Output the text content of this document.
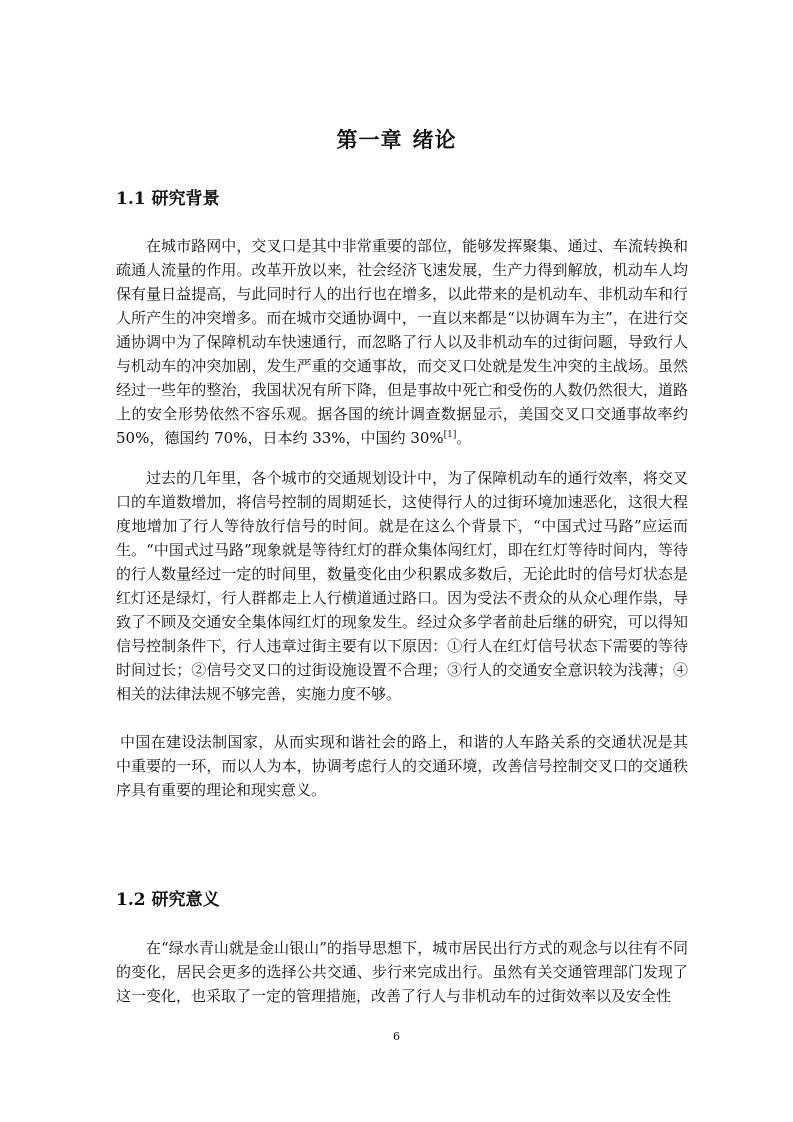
第一章 绪论
1.1 研究背景

在城市路网中，交叉口是其中非常重要的部位，能够发挥聚集、通过、车流转换和疏通人流量的作用。改革开放以来，社会经济飞速发展，生产力得到解放，机动车人均保有量日益提高，与此同时行人的出行也在增多，以此带来的是机动车、非机动车和行人所产生的冲突增多。而在城市交通协调中，一直以来都是“以协调车为主”，在进行交通协调中为了保障机动车快速通行，而忽略了行人以及非机动车的过街问题，导致行人与机动车的冲突加剧，发生严重的交通事故，而交叉口处就是发生冲突的主战场。虽然经过一些年的整治，我国状况有所下降，但是事故中死亡和受伤的人数仍然很大，道路上的安全形势依然不容乐观。据各国的统计调查数据显示，美国交叉口交通事故率约 50%，德国约 70%，日本约 33%，中国约 30%[1]。

过去的几年里，各个城市的交通规划设计中，为了保障机动车的通行效率，将交叉口的车道数增加，将信号控制的周期延长，这使得行人的过街环境加速恶化，这很大程度地增加了行人等待放行信号的时间。就是在这么个背景下，“中国式过马路”应运而生。“中国式过马路”现象就是等待红灯的群众集体闯红灯，即在红灯等待时间内，等待的行人数量经过一定的时间里，数量变化由少积累成多数后，无论此时的信号灯状态是红灯还是绿灯，行人群都走上人行横道通过路口。因为受法不责众的从众心理作祟，导致了不顾及交通安全集体闯红灯的现象发生。经过众多学者前赴后继的研究，可以得知信号控制条件下，行人违章过街主要有以下原因：①行人在红灯信号状态下需要的等待时间过长；②信号交叉口的过街设施设置不合理；③行人的交通安全意识较为浅薄；④相关的法律法规不够完善，实施力度不够。

中国在建设法制国家，从而实现和谐社会的路上，和谐的人车路关系的交通状况是其中重要的一环，而以人为本，协调考虑行人的交通环境，改善信号控制交叉口的交通秩序具有重要的理论和现实意义。

1.2 研究意义

在“绿水青山就是金山银山”的指导思想下，城市居民出行方式的观念与以往有不同的变化，居民会更多的选择公共交通、步行来完成出行。虽然有关交通管理部门发现了这一变化，也采取了一定的管理措施，改善了行人与非机动车的过街效率以及安全性

6
